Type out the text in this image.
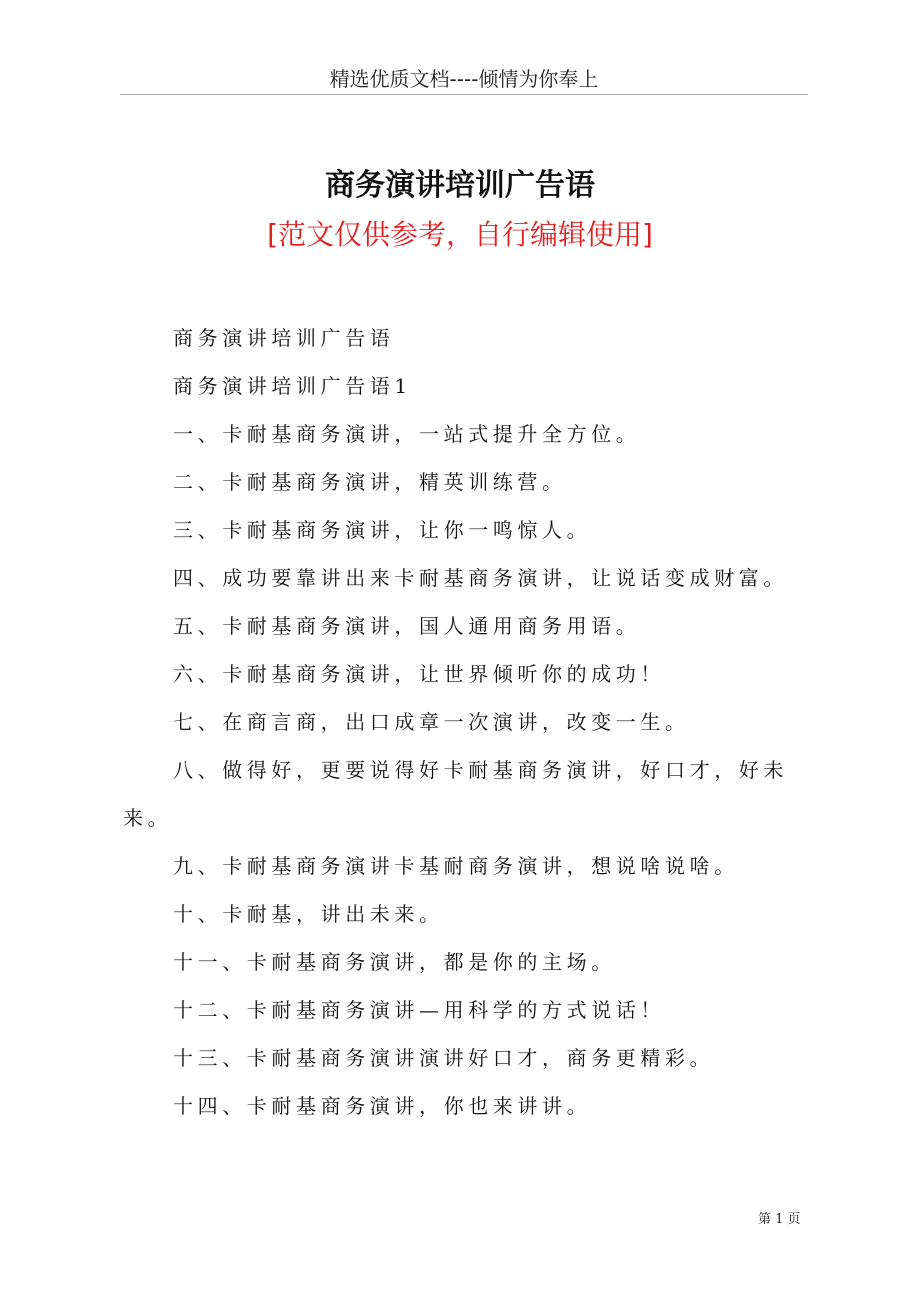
精选优质文档----倾情为你奉上
商务演讲培训广告语
[范文仅供参考，自行编辑使用]

商务演讲培训广告语

商务演讲培训广告语1

一、卡耐基商务演讲，一站式提升全方位。

二、卡耐基商务演讲，精英训练营。

三、卡耐基商务演讲，让你一鸣惊人。

四、成功要靠讲出来卡耐基商务演讲，让说话变成财富。

五、卡耐基商务演讲，国人通用商务用语。

六、卡耐基商务演讲，让世界倾听你的成功！

七、在商言商，出口成章一次演讲，改变一生。

八、做得好，更要说得好卡耐基商务演讲，好口才，好未来。

九、卡耐基商务演讲卡基耐商务演讲，想说啥说啥。

十、卡耐基，讲出未来。

十一、卡耐基商务演讲，都是你的主场。

十二、卡耐基商务演讲—用科学的方式说话！

十三、卡耐基商务演讲演讲好口才，商务更精彩。

十四、卡耐基商务演讲，你也来讲讲。

第 1 页
